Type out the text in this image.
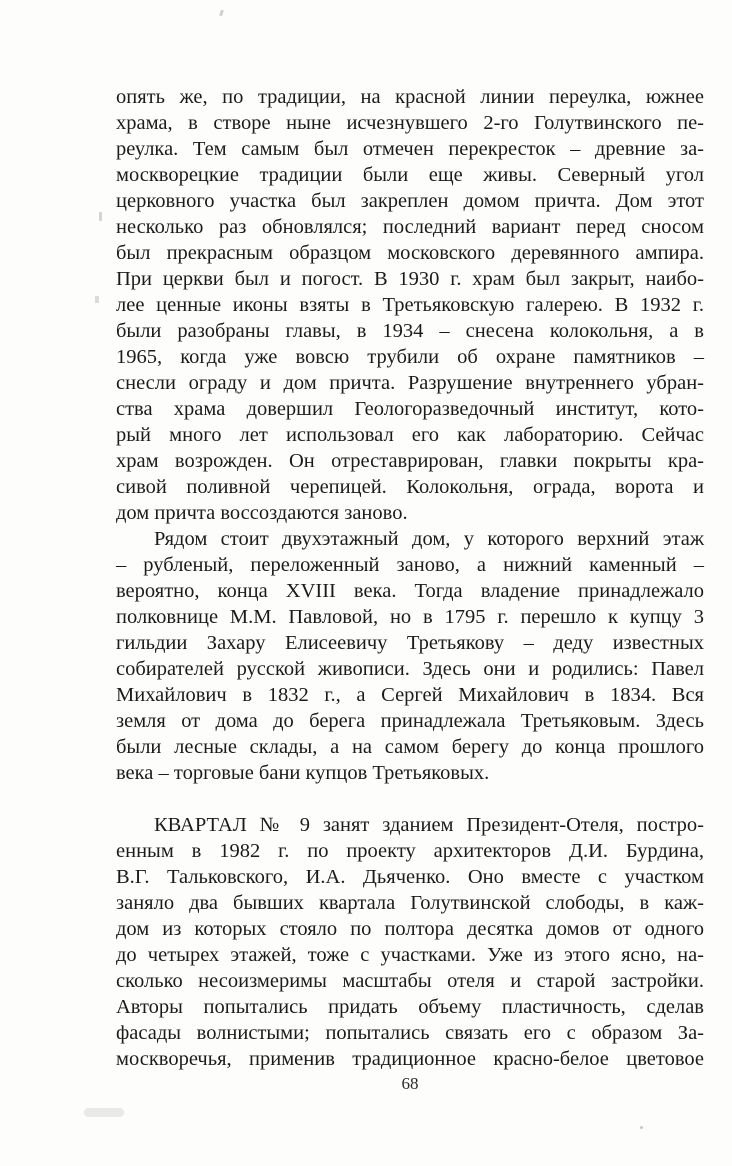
опять же, по традиции, на красной линии переулка, южнее
храма, в створе ныне исчезнувшего 2-го Голутвинского пе-
реулка. Тем самым был отмечен перекресток – древние за-
москворецкие традиции были еще живы. Северный угол
церковного участка был закреплен домом причта. Дом этот
несколько раз обновлялся; последний вариант перед сносом
был прекрасным образцом московского деревянного ампира.
При церкви был и погост. В 1930 г. храм был закрыт, наибо-
лее ценные иконы взяты в Третьяковскую галерею. В 1932 г.
были разобраны главы, в 1934 – снесена колокольня, а в
1965, когда уже вовсю трубили об охране памятников –
снесли ограду и дом причта. Разрушение внутреннего убран-
ства храма довершил Геологоразведочный институт, кото-
рый много лет использовал его как лабораторию. Сейчас
храм возрожден. Он отреставрирован, главки покрыты кра-
сивой поливной черепицей. Колокольня, ограда, ворота и
дом причта воссоздаются заново.
Рядом стоит двухэтажный дом, у которого верхний этаж
– рубленый, переложенный заново, а нижний каменный –
вероятно, конца XVIII века. Тогда владение принадлежало
полковнице М.М. Павловой, но в 1795 г. перешло к купцу 3
гильдии Захару Елисеевичу Третьякову – деду известных
собирателей русской живописи. Здесь они и родились: Павел
Михайлович в 1832 г., а Сергей Михайлович в 1834. Вся
земля от дома до берега принадлежала Третьяковым. Здесь
были лесные склады, а на самом берегу до конца прошлого
века – торговые бани купцов Третьяковых.
КВАРТАЛ № 9 занят зданием Президент-Отеля, постро-
енным в 1982 г. по проекту архитекторов Д.И. Бурдина,
В.Г. Тальковского, И.А. Дьяченко. Оно вместе с участком
заняло два бывших квартала Голутвинской слободы, в каж-
дом из которых стояло по полтора десятка домов от одного
до четырех этажей, тоже с участками. Уже из этого ясно, на-
сколько несоизмеримы масштабы отеля и старой застройки.
Авторы попытались придать объему пластичность, сделав
фасады волнистыми; попытались связать его с образом За-
москворечья, применив традиционное красно-белое цветовое
68
